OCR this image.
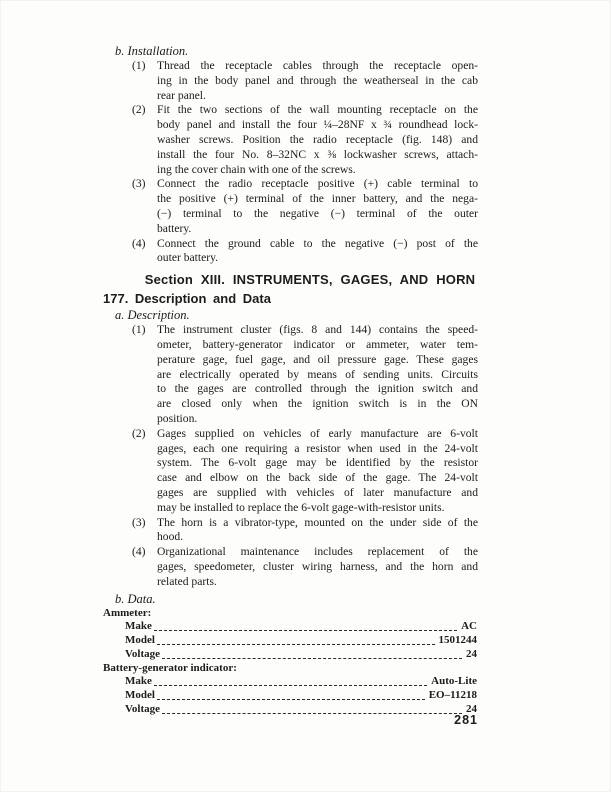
b. Installation.
(1) Thread the receptacle cables through the receptacle open-
ing in the body panel and through the weatherseal in the cab
rear panel.
(2) Fit the two sections of the wall mounting receptacle on the
body panel and install the four ¼–28NF x ¾ roundhead lock-
washer screws. Position the radio receptacle (fig. 148) and
install the four No. 8–32NC x ⅜ lockwasher screws, attach-
ing the cover chain with one of the screws.
(3) Connect the radio receptacle positive (+) cable terminal to
the positive (+) terminal of the inner battery, and the nega-
(−) terminal to the negative (−) terminal of the outer
battery.
(4) Connect the ground cable to the negative (−) post of the
outer battery.
Section XIII. INSTRUMENTS, GAGES, AND HORN
177. Description and Data
a. Description.
(1) The instrument cluster (figs. 8 and 144) contains the speed-
ometer, battery-generator indicator or ammeter, water tem-
perature gage, fuel gage, and oil pressure gage. These gages
are electrically operated by means of sending units. Circuits
to the gages are controlled through the ignition switch and
are closed only when the ignition switch is in the ON
position.
(2) Gages supplied on vehicles of early manufacture are 6-volt
gages, each one requiring a resistor when used in the 24-volt
system. The 6-volt gage may be identified by the resistor
case and elbow on the back side of the gage. The 24-volt
gages are supplied with vehicles of later manufacture and
may be installed to replace the 6-volt gage-with-resistor units.
(3) The horn is a vibrator-type, mounted on the under side of the
hood.
(4) Organizational maintenance includes replacement of the
gages, speedometer, cluster wiring harness, and the horn and
related parts.
b. Data.
Ammeter:
Make	AC
Model	1501244
Voltage	24
Battery-generator indicator:
Make	Auto-Lite
Model	EO–11218
Voltage	24
281
